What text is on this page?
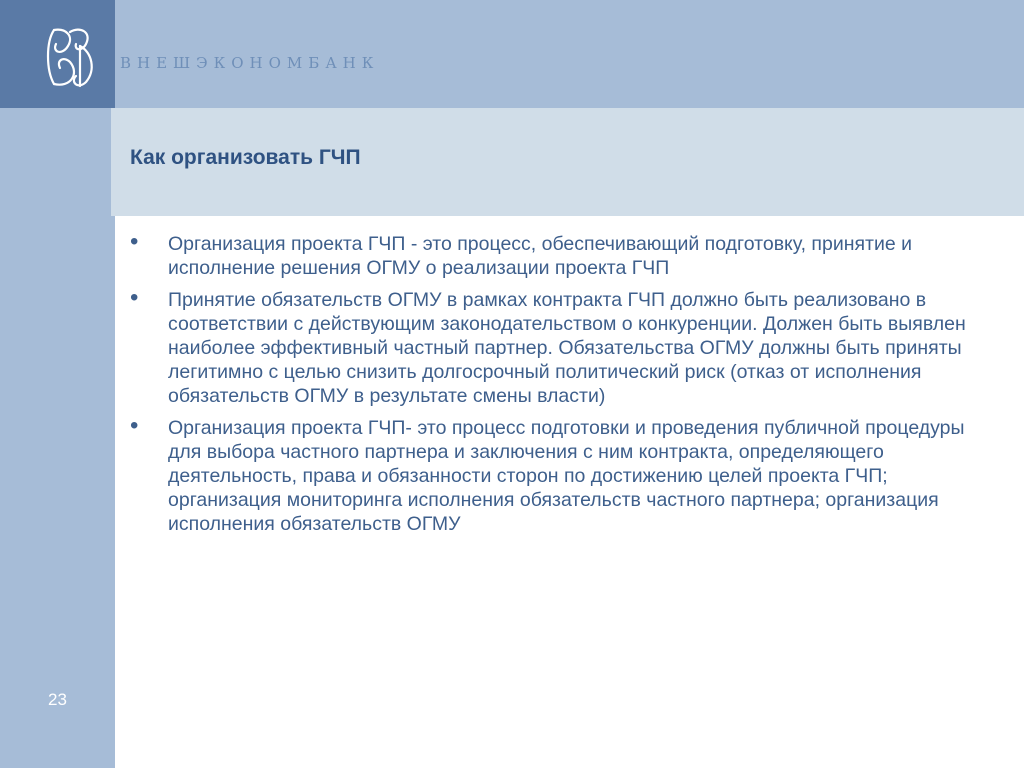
ВНЕШЭКОНОМБАНК
Как организовать ГЧП
• Организация проекта ГЧП - это процесс, обеспечивающий подготовку, принятие и исполнение решения ОГМУ о реализации проекта ГЧП
• Принятие обязательств ОГМУ в рамках контракта ГЧП должно быть реализовано в соответствии с действующим законодательством о конкуренции. Должен быть выявлен наиболее эффективный частный партнер. Обязательства ОГМУ должны быть приняты легитимно с целью снизить долгосрочный политический риск (отказ от исполнения обязательств ОГМУ в результате смены власти)
• Организация проекта ГЧП- это процесс подготовки и проведения публичной процедуры для выбора частного партнера и заключения с ним контракта, определяющего деятельность, права и обязанности сторон по достижению целей проекта ГЧП; организация мониторинга исполнения обязательств частного партнера; организация исполнения обязательств ОГМУ
23
